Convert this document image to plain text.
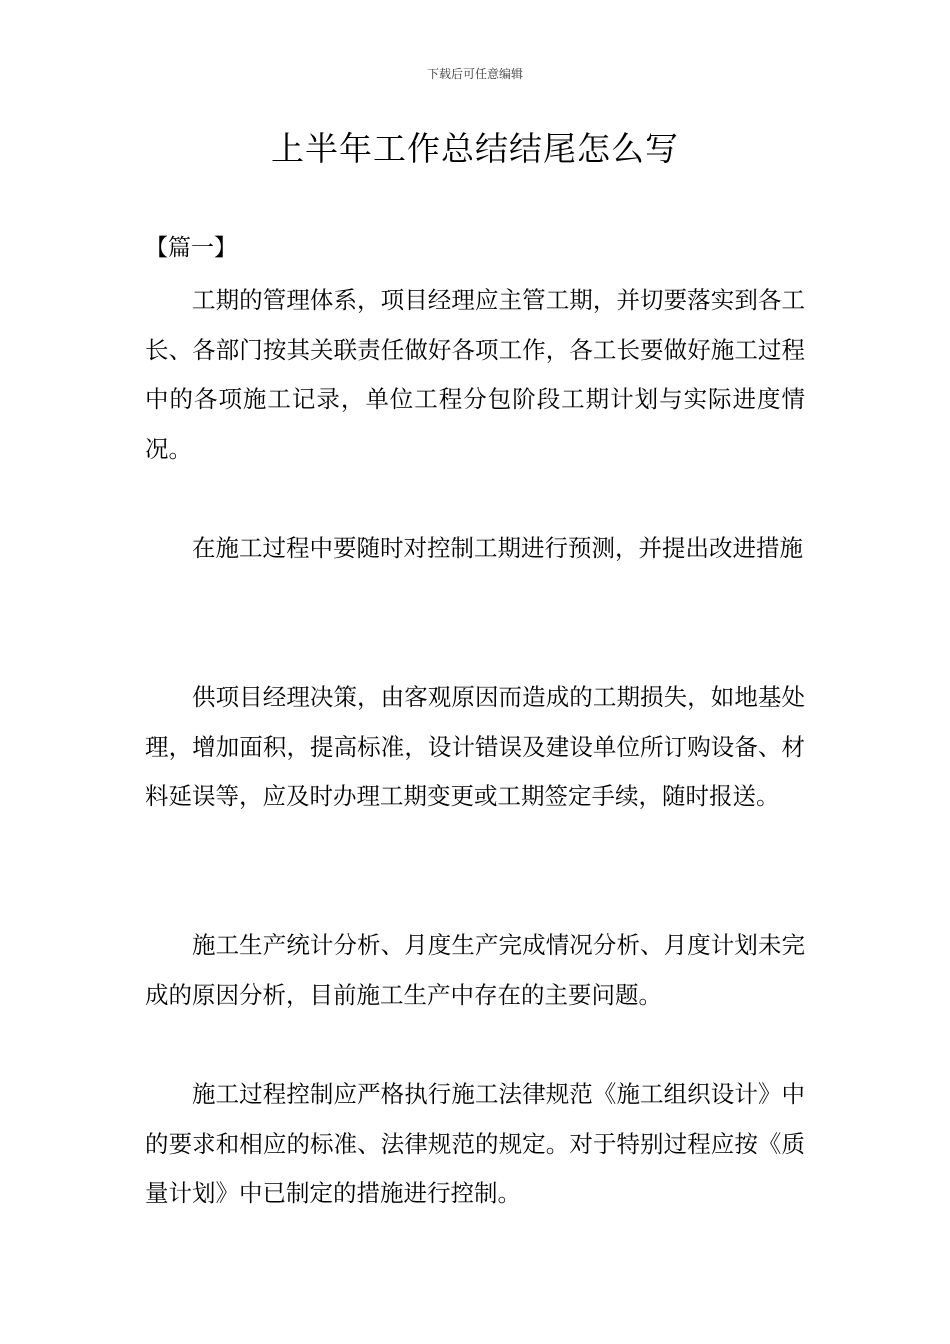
下载后可任意编辑
上半年工作总结结尾怎么写
【篇一】

工期的管理体系，项目经理应主管工期，并切要落实到各工长、各部门按其关联责任做好各项工作，各工长要做好施工过程中的各项施工记录，单位工程分包阶段工期计划与实际进度情况。

在施工过程中要随时对控制工期进行预测，并提出改进措施

供项目经理决策，由客观原因而造成的工期损失，如地基处理，增加面积，提高标准，设计错误及建设单位所订购设备、材料延误等，应及时办理工期变更或工期签定手续，随时报送。

施工生产统计分析、月度生产完成情况分析、月度计划未完成的原因分析，目前施工生产中存在的主要问题。

施工过程控制应严格执行施工法律规范《施工组织设计》中的要求和相应的标准、法律规范的规定。对于特别过程应按《质量计划》中已制定的措施进行控制。
